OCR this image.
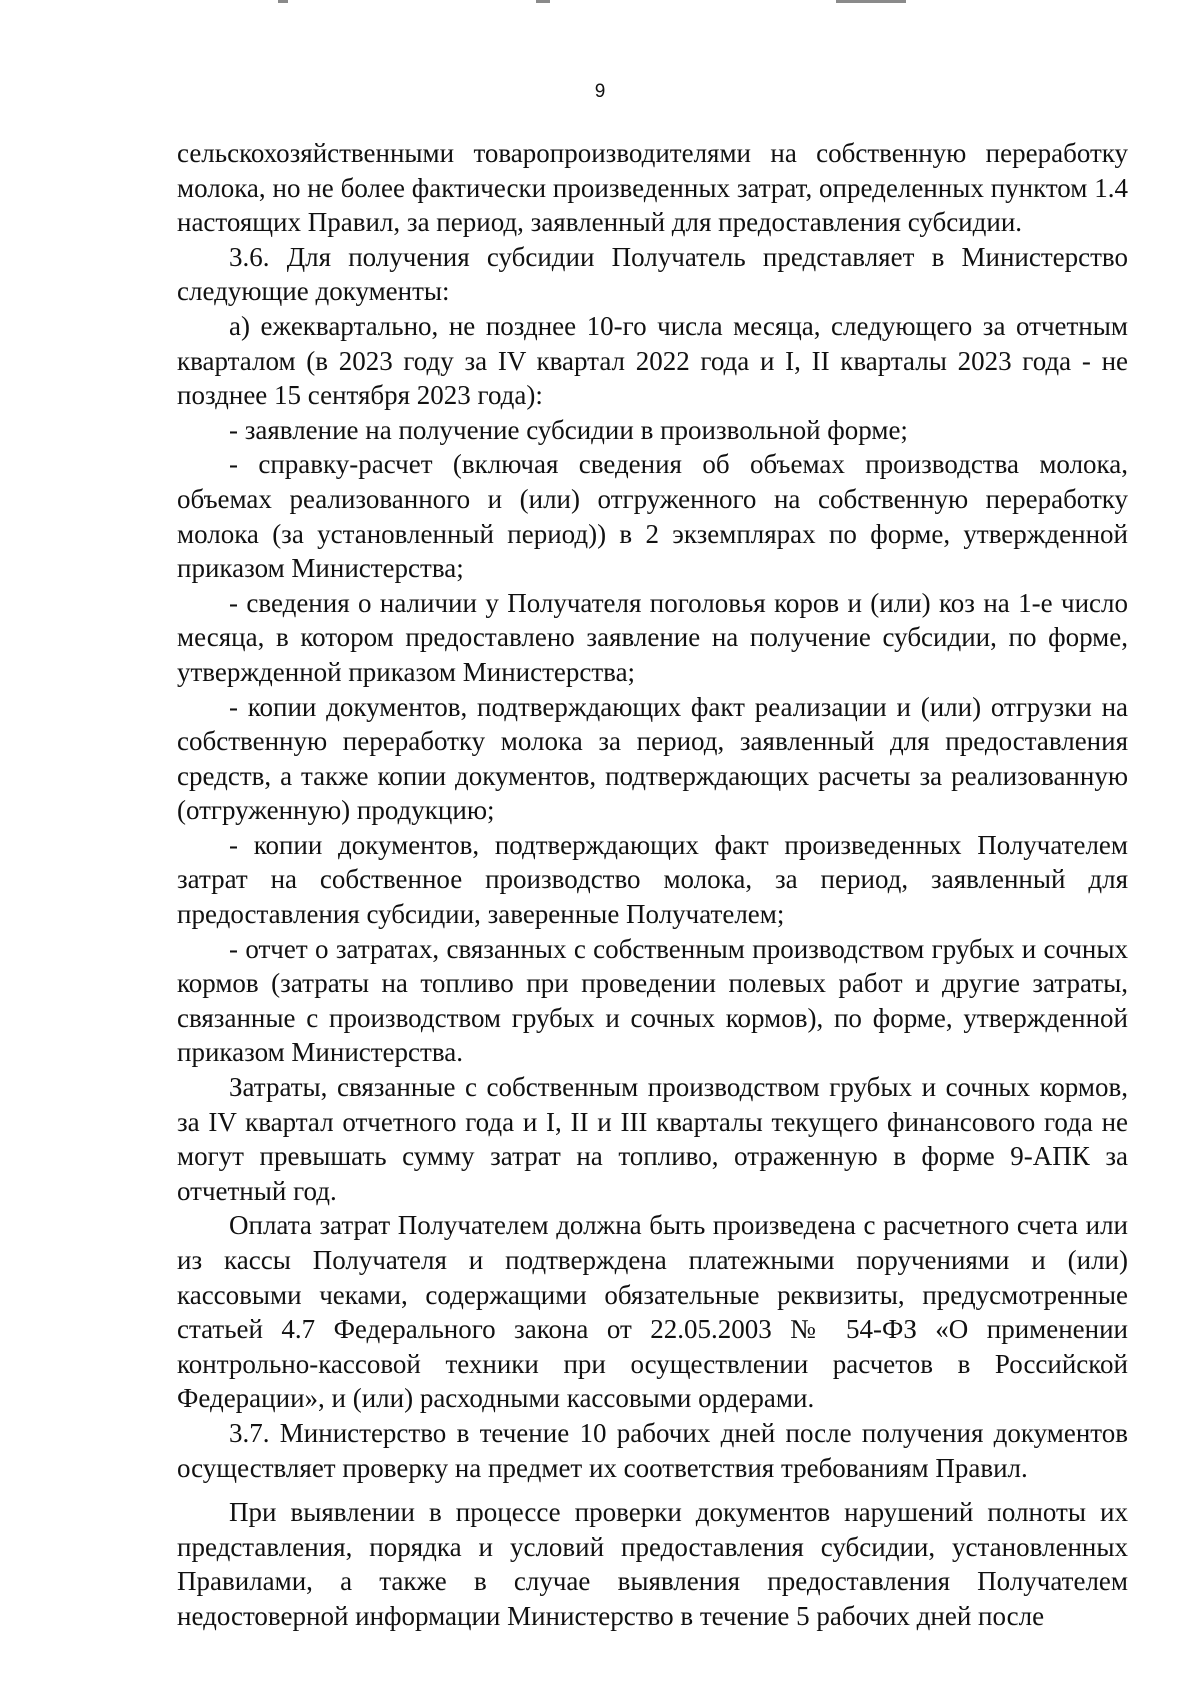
9

сельскохозяйственными товаропроизводителями на собственную переработку молока, но не более фактически произведенных затрат, определенных пунктом 1.4 настоящих Правил, за период, заявленный для предоставления субсидии.

3.6. Для получения субсидии Получатель представляет в Министерство следующие документы:

а) ежеквартально, не позднее 10-го числа месяца, следующего за отчетным кварталом (в 2023 году за IV квартал 2022 года и I, II кварталы 2023 года - не позднее 15 сентября 2023 года):

- заявление на получение субсидии в произвольной форме;

- справку-расчет (включая сведения об объемах производства молока, объемах реализованного и (или) отгруженного на собственную переработку молока (за установленный период)) в 2 экземплярах по форме, утвержденной приказом Министерства;

- сведения о наличии у Получателя поголовья коров и (или) коз на 1-е число месяца, в котором предоставлено заявление на получение субсидии, по форме, утвержденной приказом Министерства;

- копии документов, подтверждающих факт реализации и (или) отгрузки на собственную переработку молока за период, заявленный для предоставления средств, а также копии документов, подтверждающих расчеты за реализованную (отгруженную) продукцию;

- копии документов, подтверждающих факт произведенных Получателем затрат на собственное производство молока, за период, заявленный для предоставления субсидии, заверенные Получателем;

- отчет о затратах, связанных с собственным производством грубых и сочных кормов (затраты на топливо при проведении полевых работ и другие затраты, связанные с производством грубых и сочных кормов), по форме, утвержденной приказом Министерства.

Затраты, связанные с собственным производством грубых и сочных кормов, за IV квартал отчетного года и I, II и III кварталы текущего финансового года не могут превышать сумму затрат на топливо, отраженную в форме 9-АПК за отчетный год.

Оплата затрат Получателем должна быть произведена с расчетного счета или из кассы Получателя и подтверждена платежными поручениями и (или) кассовыми чеками, содержащими обязательные реквизиты, предусмотренные статьей 4.7 Федерального закона от 22.05.2003 № 54-ФЗ «О применении контрольно-кассовой техники при осуществлении расчетов в Российской Федерации», и (или) расходными кассовыми ордерами.

3.7. Министерство в течение 10 рабочих дней после получения документов осуществляет проверку на предмет их соответствия требованиям Правил.

При выявлении в процессе проверки документов нарушений полноты их представления, порядка и условий предоставления субсидии, установленных Правилами, а также в случае выявления предоставления Получателем недостоверной информации Министерство в течение 5 рабочих дней после
